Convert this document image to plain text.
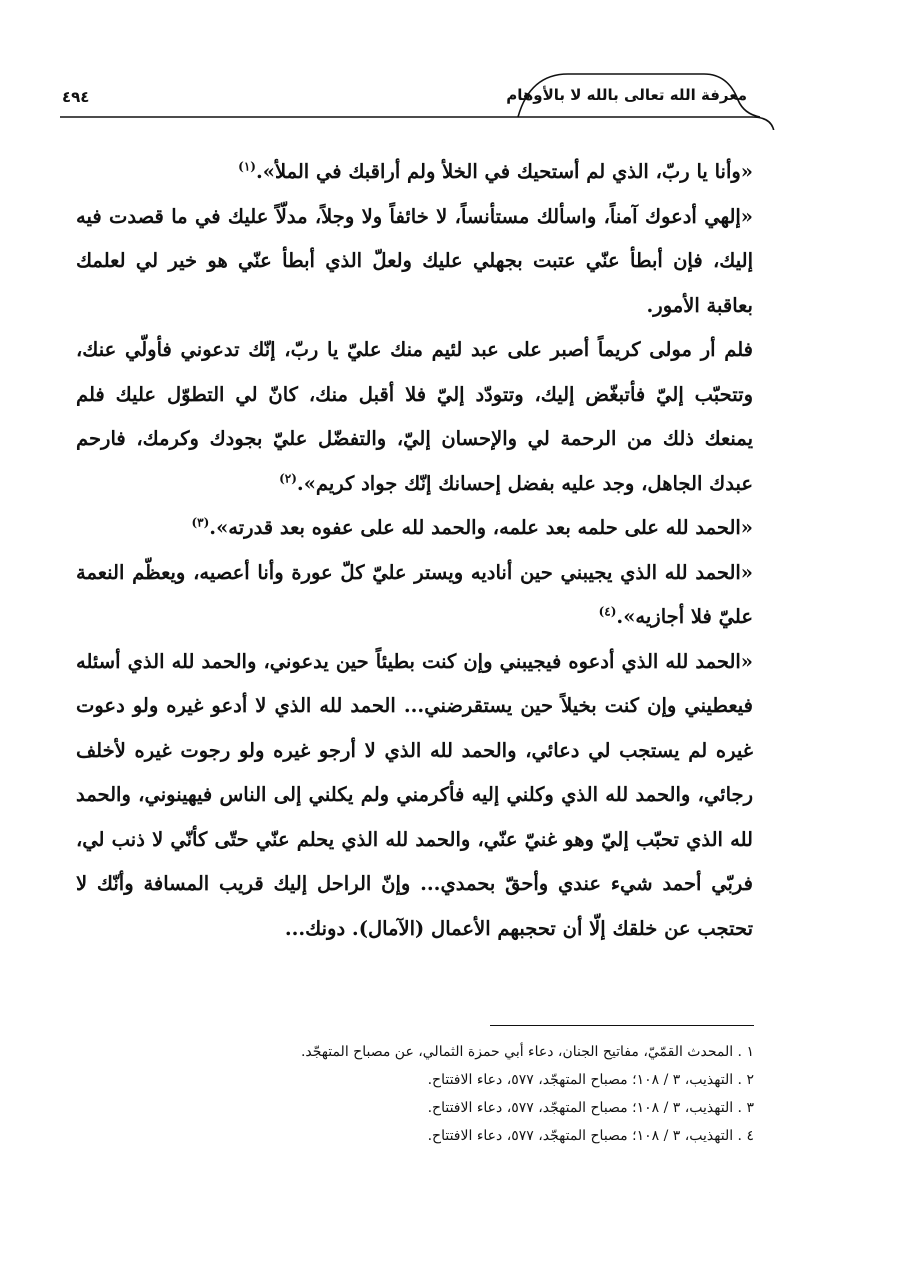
معرفة الله تعالى بالله لا بالأوهام
٤٩٤

«وأنا يا ربّ، الذي لم أستحيك في الخلأ ولم أراقبك في الملأ».$^{(١)}$

«إلهي أدعوك آمناً، واسألك مستأنساً، لا خائفاً ولا وجلاً، مدلّاً عليك في ما قصدت فيه إليك، فإن أبطأ عنّي عتبت بجهلي عليك ولعلّ الذي أبطأ عنّي هو خير لي لعلمك بعاقبة الأمور.

فلم أر مولى كريماً أصبر على عبد لئيم منك عليّ يا ربّ، إنّك تدعوني فأولّي عنك، وتتحبّب إليّ فأتبغّض إليك، وتتودّد إليّ فلا أقبل منك، كانّ لي التطوّل عليك فلم يمنعك ذلك من الرحمة لي والإحسان إليّ، والتفضّل عليّ بجودك وكرمك، فارحم عبدك الجاهل، وجد عليه بفضل إحسانك إنّك جواد كريم».$^{(٢)}$

«الحمد لله على حلمه بعد علمه، والحمد لله على عفوه بعد قدرته».$^{(٣)}$

«الحمد لله الذي يجيبني حين أناديه ويستر عليّ كلّ عورة وأنا أعصيه، ويعظّم النعمة عليّ فلا أجازيه».$^{(٤)}$

«الحمد لله الذي أدعوه فيجيبني وإن كنت بطيئاً حين يدعوني، والحمد لله الذي أسئله فيعطيني وإن كنت بخيلاً حين يستقرضني... الحمد لله الذي لا أدعو غيره ولو دعوت غيره لم يستجب لي دعائي، والحمد لله الذي لا أرجو غيره ولو رجوت غيره لأخلف رجائي، والحمد لله الذي وكلني إليه فأكرمني ولم يكلني إلى الناس فيهينوني، والحمد لله الذي تحبّب إليّ وهو غنيّ عنّي، والحمد لله الذي يحلم عنّي حتّى كأنّي لا ذنب لي، فربّي أحمد شيء عندي وأحقّ بحمدي... وإنّ الراحل إليك قريب المسافة وأنّك لا تحتجب عن خلقك إلّا أن تحجبهم الأعمال (الآمال). دونك...

١ . المحدث القمّيّ، مفاتيح الجنان، دعاء أبي حمزة الثمالي، عن مصباح المتهجّد.

٢ . التهذيب، ٣ / ١٠٨؛ مصباح المتهجّد، ٥٧٧، دعاء الافتتاح.

٣ . التهذيب، ٣ / ١٠٨؛ مصباح المتهجّد، ٥٧٧، دعاء الافتتاح.

٤ . التهذيب، ٣ / ١٠٨؛ مصباح المتهجّد، ٥٧٧، دعاء الافتتاح.
